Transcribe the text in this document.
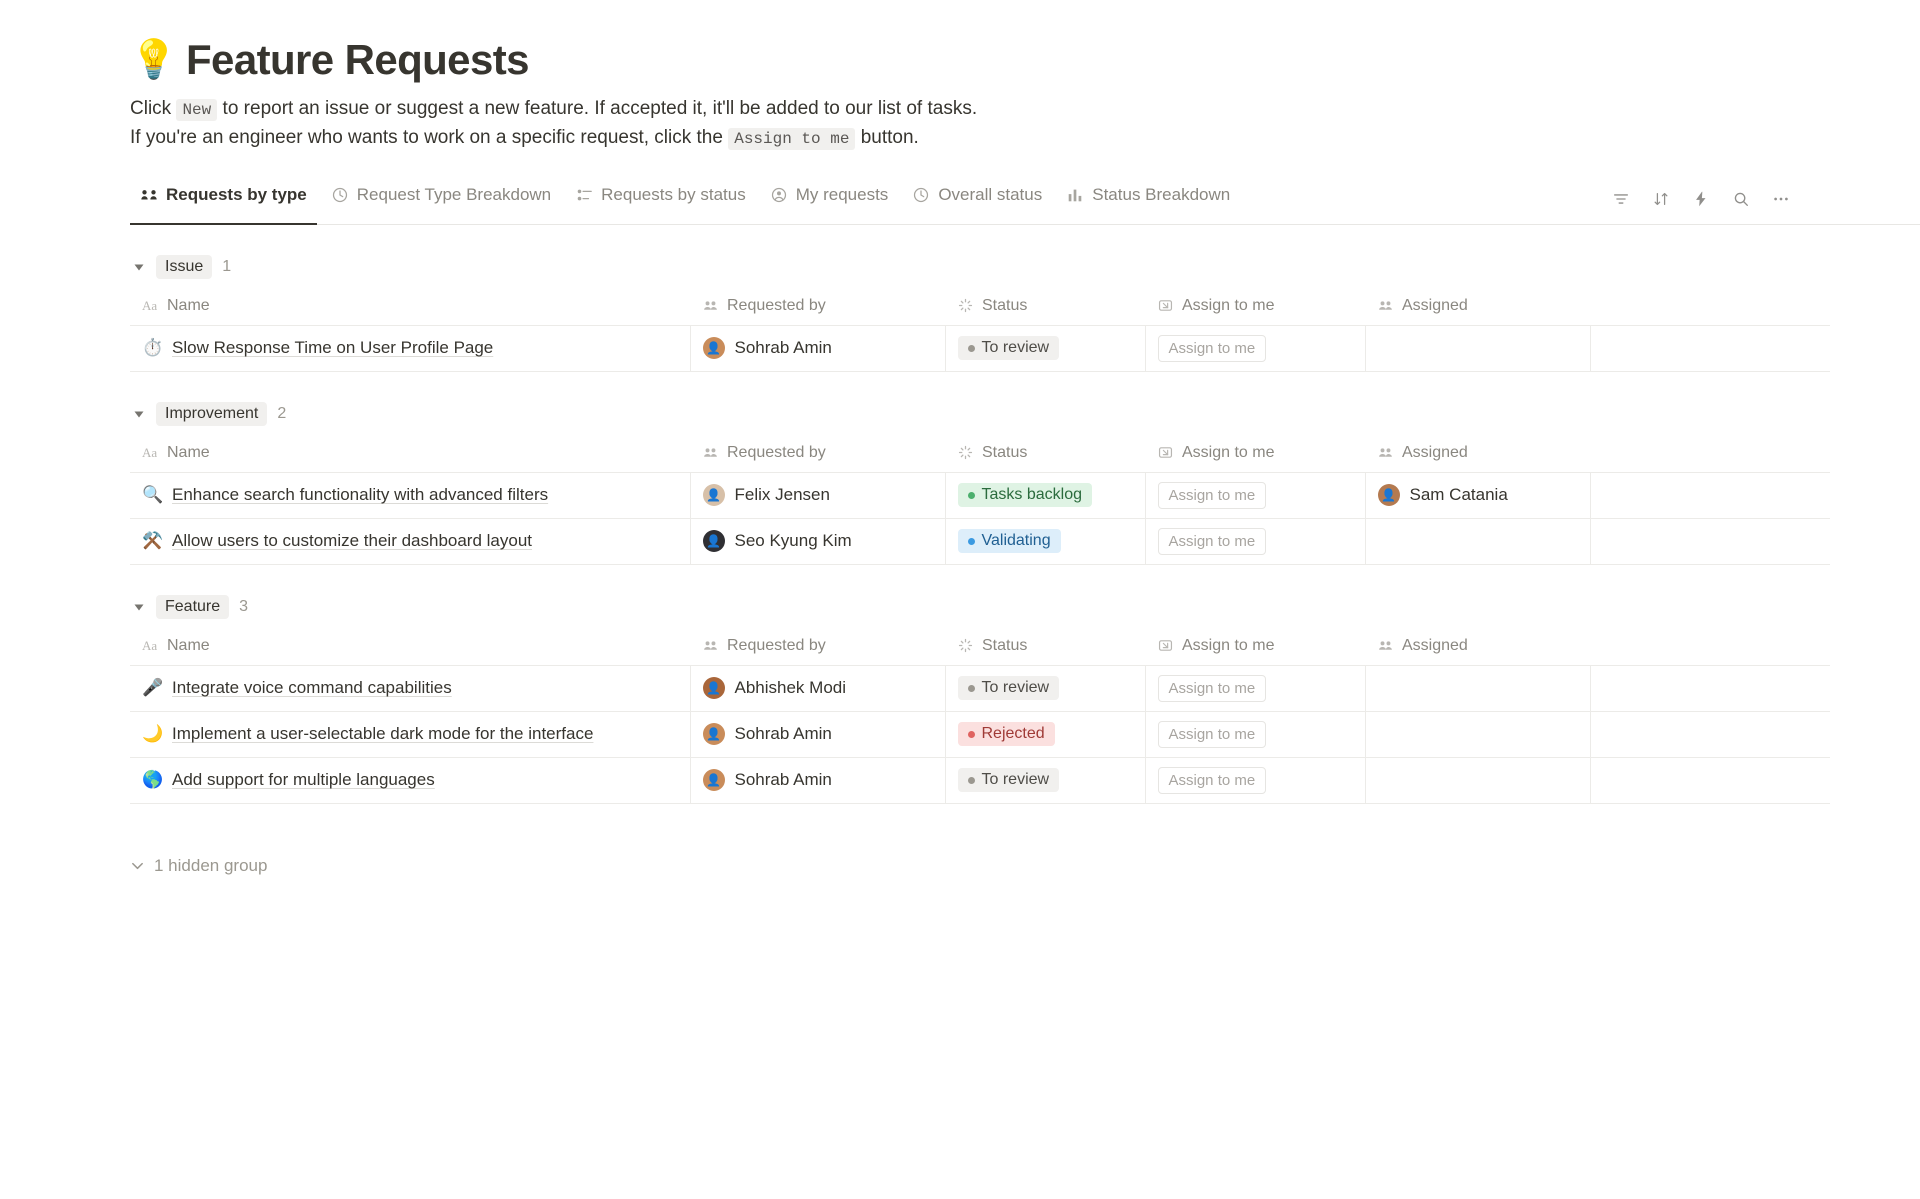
💡 Feature Requests
Click New to report an issue or suggest a new feature. If accepted it, it'll be added to our list of tasks.
If you're an engineer who wants to work on a specific request, click the Assign to me button.
Requests by type	Request Type Breakdown	Requests by status	My requests	Overall status	Status Breakdown
Issue	1
Aa Name	Requested by	Status	Assign to me	Assigned	

⏱️ Slow Response Time on User Profile Page	👤 Sohrab Amin	To review	Assign to me		
Improvement	2
Aa Name	Requested by	Status	Assign to me	Assigned	

🔍 Enhance search functionality with advanced filters	👤 Felix Jensen	Tasks backlog	Assign to me	👤 Sam Catania	

⚒️ Allow users to customize their dashboard layout	👤 Seo Kyung Kim	Validating	Assign to me		
Feature	3
Aa Name	Requested by	Status	Assign to me	Assigned	

🎤 Integrate voice command capabilities	👤 Abhishek Modi	To review	Assign to me		

🌙 Implement a user-selectable dark mode for the interface	👤 Sohrab Amin	Rejected	Assign to me		

🌎 Add support for multiple languages	👤 Sohrab Amin	To review	Assign to me		
1 hidden group
